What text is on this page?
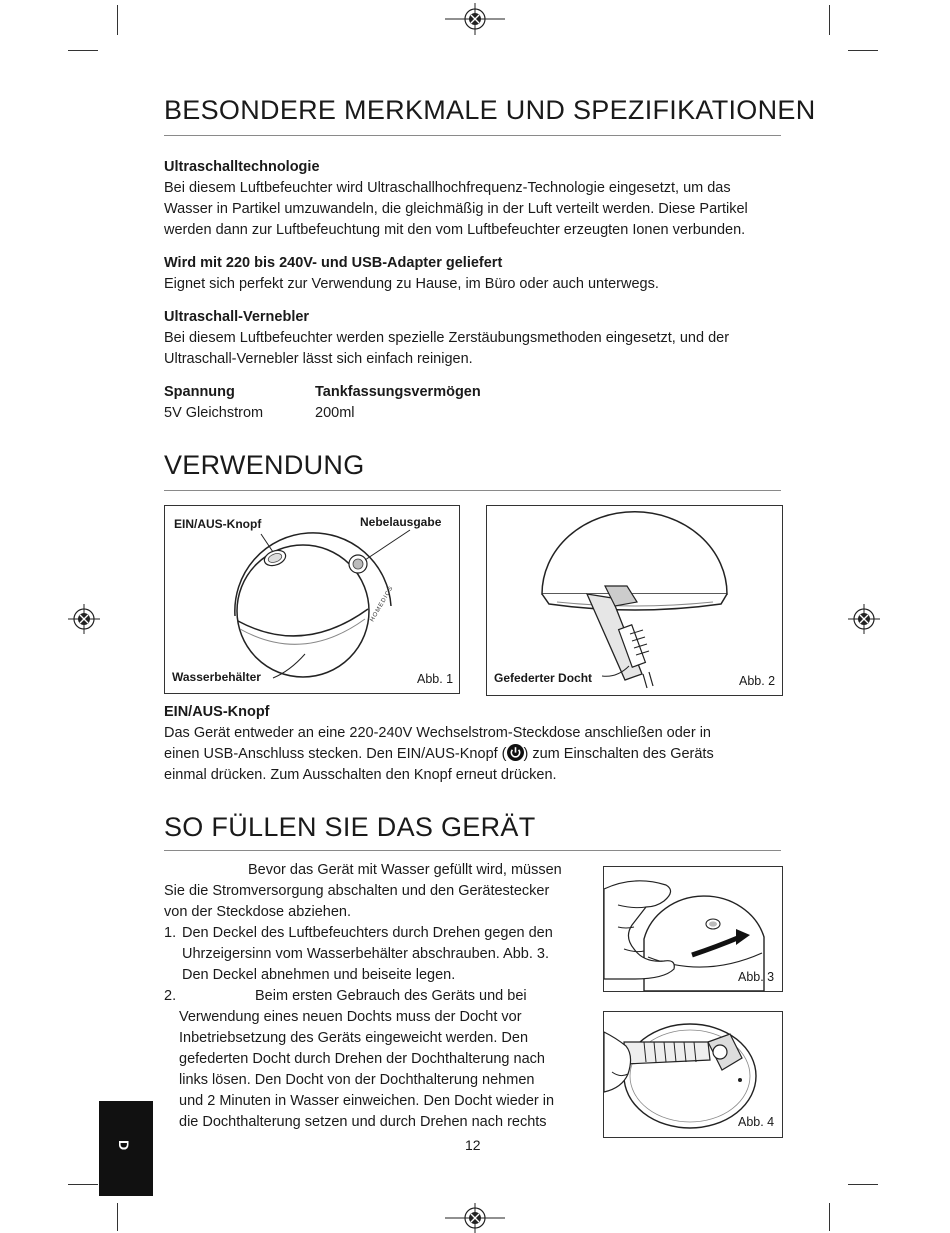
BESONDERE MERKMALE UND SPEZIFIKATIONEN
Ultraschalltechnologie
Bei diesem Luftbefeuchter wird Ultraschallhochfrequenz-Technologie eingesetzt, um das
Wasser in Partikel umzuwandeln, die gleichmäßig in der Luft verteilt werden. Diese Partikel
werden dann zur Luftbefeuchtung mit den vom Luftbefeuchter erzeugten Ionen verbunden.
Wird mit 220 bis 240V- und USB-Adapter geliefert
Eignet sich perfekt zur Verwendung zu Hause, im Büro oder auch unterwegs.
Ultraschall-Vernebler
Bei diesem Luftbefeuchter werden spezielle Zerstäubungsmethoden eingesetzt, und der
Ultraschall-Vernebler lässt sich einfach reinigen.
Spannung
5V Gleichstrom
Tankfassungsvermögen
200ml
VERWENDUNG
HOMEDICS
EIN/AUS-Knopf	Nebelausgabe
Wasserbehälter	Abb. 1	Gefederter Docht	Abb. 2
EIN/AUS-Knopf
Das Gerät entweder an eine 220-240V Wechselstrom-Steckdose anschließen oder in
einen USB-Anschluss stecken. Den EIN/AUS-Knopf ( ) zum Einschalten des Geräts
einmal drücken. Zum Ausschalten den Knopf erneut drücken.
SO FÜLLEN SIE DAS GERÄT
Bevor das Gerät mit Wasser gefüllt wird, müssen
Sie die Stromversorgung abschalten und den Gerätestecker
von der Steckdose abziehen.
1. Den Deckel des Luftbefeuchters durch Drehen gegen den
Uhrzeigersinn vom Wasserbehälter abschrauben. Abb. 3.
Den Deckel abnehmen und beiseite legen.
2.	Beim ersten Gebrauch des Geräts und bei
Verwendung eines neuen Dochts muss der Docht vor
Inbetriebsetzung des Geräts eingeweicht werden. Den
gefederten Docht durch Drehen der Dochthalterung nach
links lösen. Den Docht von der Dochthalterung nehmen
und 2 Minuten in Wasser einweichen. Den Docht wieder in
die Dochthalterung setzen und durch Drehen nach rechts
Abb. 3
Abb. 4
12
D
